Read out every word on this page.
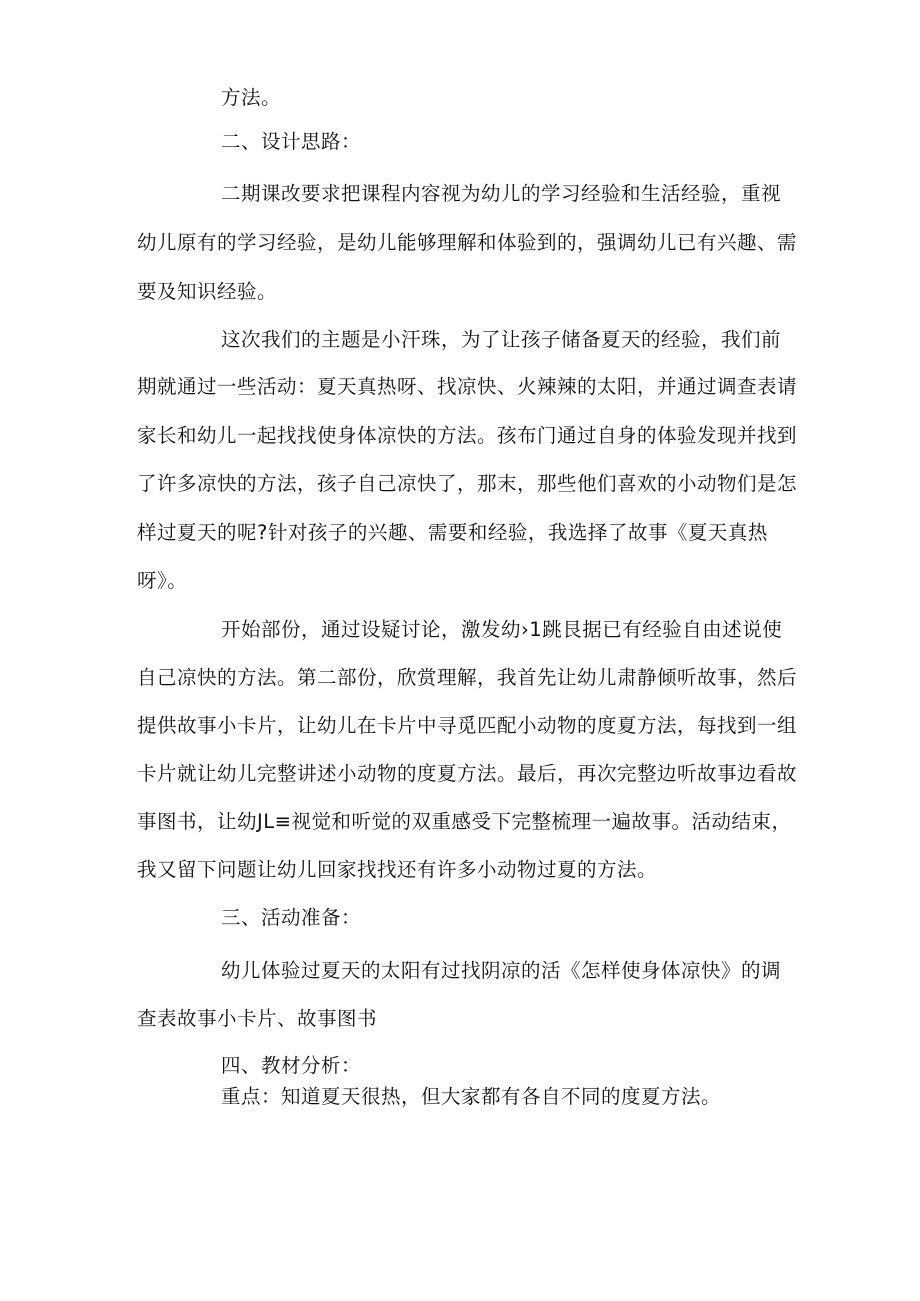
方法。
二、设计思路：
二期课改要求把课程内容视为幼儿的学习经验和生活经验，重视
幼儿原有的学习经验，是幼儿能够理解和体验到的，强调幼儿已有兴趣、需
要及知识经验。
这次我们的主题是小汗珠，为了让孩子储备夏天的经验，我们前
期就通过一些活动：夏天真热呀、找凉快、火辣辣的太阳，并通过调查表请
家长和幼儿一起找找使身体凉快的方法。孩布门通过自身的体验发现并找到
了许多凉快的方法，孩子自己凉快了，那末，那些他们喜欢的小动物们是怎
样过夏天的呢?针对孩子的兴趣、需要和经验，我选择了故事《夏天真热
呀》。
开始部份，通过设疑讨论，激发幼›1跳艮据已有经验自由述说使
自己凉快的方法。第二部份，欣赏理解，我首先让幼儿肃静倾听故事，然后
提供故事小卡片，让幼儿在卡片中寻觅匹配小动物的度夏方法，每找到一组
卡片就让幼儿完整讲述小动物的度夏方法。最后，再次完整边听故事边看故
事图书，让幼JL≡视觉和听觉的双重感受下完整梳理一遍故事。活动结束，
我又留下问题让幼儿回家找找还有许多小动物过夏的方法。
三、活动准备：
幼儿体验过夏天的太阳有过找阴凉的活《怎样使身体凉快》的调
查表故事小卡片、故事图书
四、教材分析：
重点：知道夏天很热，但大家都有各自不同的度夏方法。
